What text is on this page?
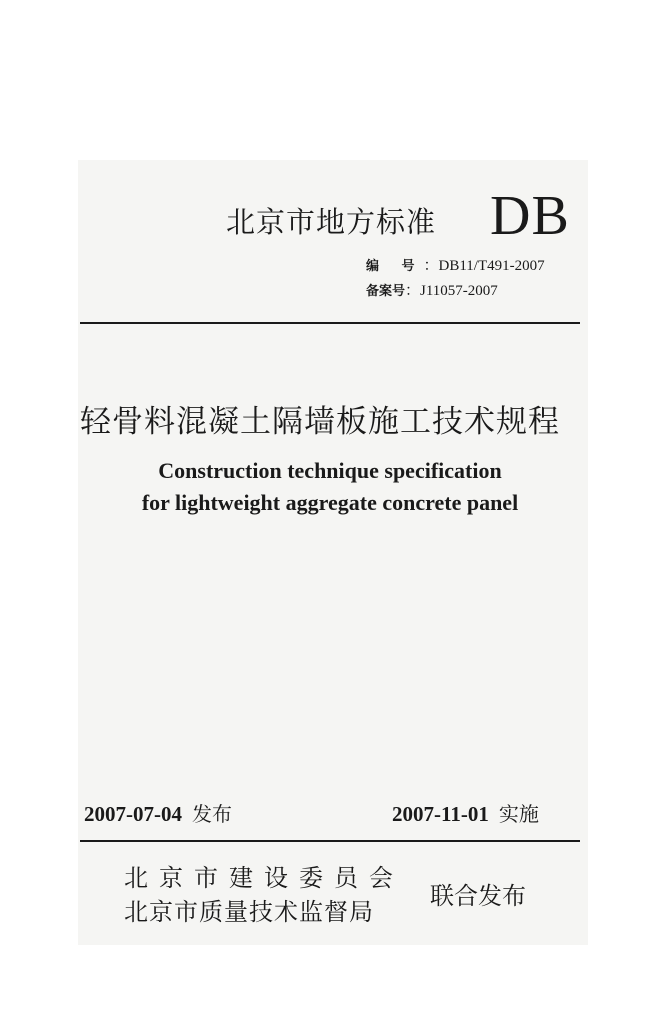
北京市地方标准 DB
编 号：DB11/T491-2007
备案号：J11057-2007
轻骨料混凝土隔墙板施工技术规程
Construction technique specification
for lightweight aggregate concrete panel
2007-07-04 发布	2007-11-01 实施
北京市建设委员会
北京市质量技术监督局
联合发布
